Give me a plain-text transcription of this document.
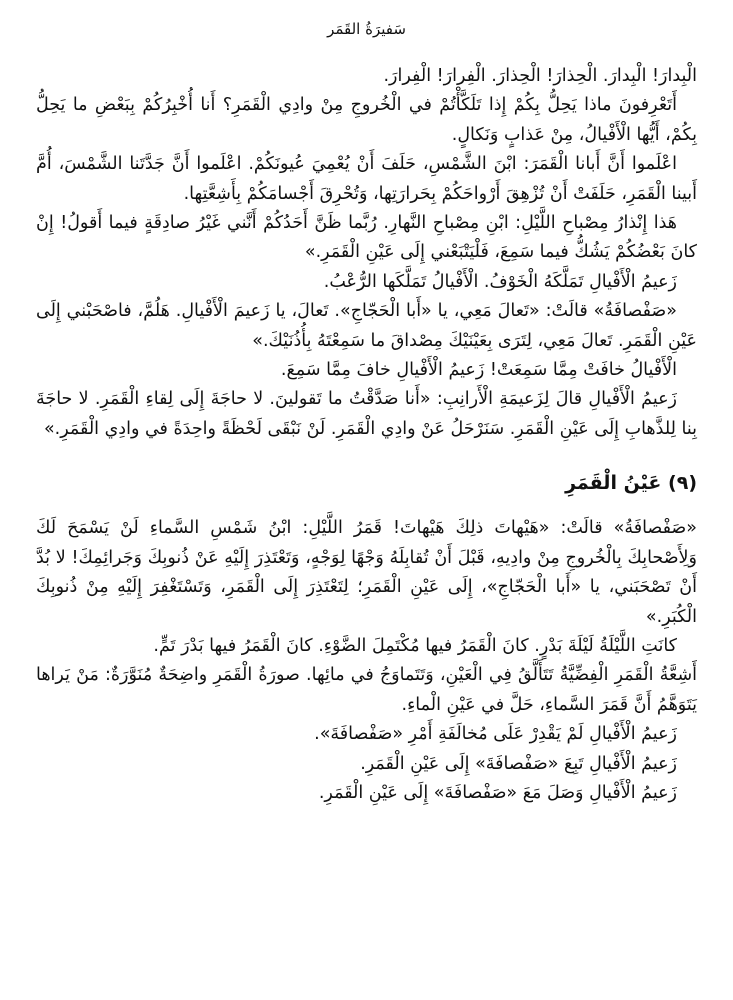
سَفيرَةُ القَمَر

الْبِدارَ! الْبِدارَ. الْحِذارَ! الْحِذارَ. الْفِرارَ! الْفِرارَ.

أَتَعْرِفونَ ماذا يَحِلُّ بِكُمْ إِذا تَلَكَّأْتُمْ في الْخُروجِ مِنْ وادِي الْقَمَرِ؟ أَنا أُخْبِرُكُمْ بِبَعْضِ ما يَحِلُّ بِكُمْ، أَيُّها الْأَفْيالُ، مِنْ عَذابٍ وَنَكالٍ.

اعْلَموا أَنَّ أَبانا الْقَمَرَ: ابْنَ الشَّمْسِ، حَلَفَ أَنْ يُعْمِيَ عُيونَكُمْ. اعْلَموا أَنَّ جَدَّتَنا الشَّمْسَ، أُمَّ أَبينا الْقَمَرِ، حَلَفَتْ أَنْ تُزْهِقَ أَرْواحَكُمْ بِحَرارَتِها، وَتُحْرِقَ أَجْسامَكُمْ بِأَشِعَّتِها.

هَذا إِنْذارُ مِصْباحِ اللَّيْلِ: ابْنِ مِصْباحِ النَّهارِ. رُبَّما ظَنَّ أَحَدُكُمْ أَنَّني غَيْرُ صادِقَةٍ فيما أَقولُ! إِنْ كانَ بَعْضُكُمْ يَشُكُّ فيما سَمِعَ، فَلْيَتْبَعْني إِلَى عَيْنِ الْقَمَرِ.»

زَعيمُ الْأَفْيالِ تَمَلَّكَهُ الْخَوْفُ. الْأَفْيالُ تَمَلَّكَها الرُّعْبُ.

«صَفْصافَةُ» قالَتْ: «تَعالَ مَعِي، يا «أَبا الْحَجّاجِ». تَعالَ، يا زَعيمَ الْأَفْيالِ. هَلُمَّ، فاصْحَبْني إِلَى عَيْنِ الْقَمَرِ. تَعالَ مَعِي، لِتَرَى بِعَيْنَيْكَ مِصْداقَ ما سَمِعْتَهُ بِأُذُنَيْكَ.»

الْأَفْيالُ خافَتْ مِمَّا سَمِعَتْ! زَعيمُ الْأَفْيالِ خافَ مِمَّا سَمِعَ.

زَعيمُ الْأَفْيالِ قالَ لِزَعيمَةِ الْأَرانِبِ: «أَنا صَدَّقْتُ ما تَقولينَ. لا حاجَةَ إِلَى لِقاءِ الْقَمَرِ. لا حاجَةَ بِنا لِلذَّهابِ إِلَى عَيْنِ الْقَمَرِ. سَنَرْحَلُ عَنْ وادِي الْقَمَرِ. لَنْ نَبْقَى لَحْظَةً واحِدَةً في وادِي الْقَمَرِ.»

(٩) عَيْنُ الْقَمَرِ

«صَفْصافَةُ» قالَتْ: «هَيْهاتَ ذلِكَ هَيْهاتَ! قَمَرُ اللَّيْلِ: ابْنُ شَمْسِ السَّماءِ لَنْ يَسْمَحَ لَكَ وَلِأَصْحابِكَ بِالْخُروجِ مِنْ وادِيهِ، قَبْلَ أَنْ تُقابِلَهُ وَجْهًا لِوَجْهٍ، وَتَعْتَذِرَ إِلَيْهِ عَنْ ذُنوبِكَ وَجَرائِمِكَ! لا بُدَّ أَنْ تَصْحَبَني، يا «أَبا الْحَجّاجِ»، إِلَى عَيْنِ الْقَمَرِ؛ لِتَعْتَذِرَ إِلَى الْقَمَرِ، وَتَسْتَغْفِرَ إِلَيْهِ مِنْ ذُنوبِكَ الْكُبَرِ.»

كانَتِ اللَّيْلَةُ لَيْلَةَ بَدْرٍ. كانَ الْقَمَرُ فيها مُكْتَمِلَ الضَّوْءِ. كانَ الْقَمَرُ فيها بَدْرَ تَمٍّ.

أَشِعَّةُ الْقَمَرِ الْفِضِّيَّةُ تَتَأَلَّقُ فِي الْعَيْنِ، وَتَتَماوَجُ في مائِها. صورَةُ الْقَمَرِ واضِحَةٌ مُنَوَّرَةٌ: مَنْ يَراها يَتَوَهَّمُ أَنَّ قَمَرَ السَّماءِ، حَلَّ في عَيْنِ الْماءِ.

زَعيمُ الْأَفْيالِ لَمْ يَقْدِرْ عَلَى مُخالَفَةِ أَمْرِ «صَفْصافَةَ».

زَعيمُ الْأَفْيالِ تَبِعَ «صَفْصافَةَ» إِلَى عَيْنِ الْقَمَرِ.

زَعيمُ الْأَفْيالِ وَصَلَ مَعَ «صَفْصافَةَ» إِلَى عَيْنِ الْقَمَرِ.
